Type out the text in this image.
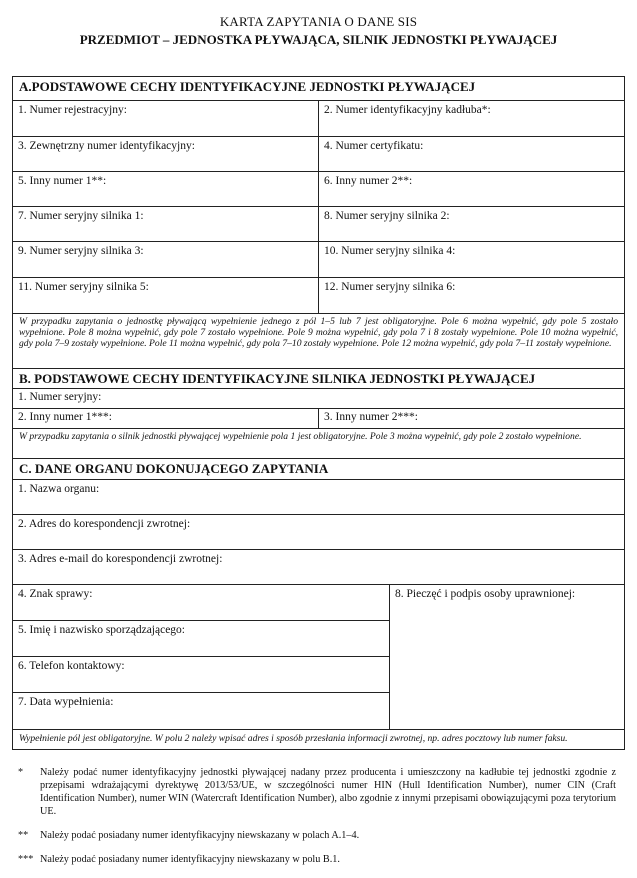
KARTA ZAPYTANIA O DANE SIS
PRZEDMIOT – JEDNOSTKA PŁYWAJĄCA, SILNIK JEDNOSTKI PŁYWAJĄCEJ
A.PODSTAWOWE CECHY IDENTYFIKACYJNE JEDNOSTKI PŁYWAJĄCEJ
1. Numer rejestracyjny:	2. Numer identyfikacyjny kadłuba*:
3. Zewnętrzny numer identyfikacyjny:	4. Numer certyfikatu:
5. Inny numer 1**:	6. Inny numer 2**:
7. Numer seryjny silnika 1:	8. Numer seryjny silnika 2:
9. Numer seryjny silnika 3:	10. Numer seryjny silnika 4:
11. Numer seryjny silnika 5:	12. Numer seryjny silnika 6:
W przypadku zapytania o jednostkę pływającą wypełnienie jednego z pól 1–5 lub 7 jest obligatoryjne. Pole 6 można wypełnić, gdy pole 5 zostało wypełnione. Pole 8 można wypełnić, gdy pole 7 zostało wypełnione. Pole 9 można wypełnić, gdy pola 7 i 8 zostały wypełnione. Pole 10 można wypełnić, gdy pola 7–9 zostały wypełnione. Pole 11 można wypełnić, gdy pola 7–10 zostały wypełnione. Pole 12 można wypełnić, gdy pola 7–11 zostały wypełnione.
B. PODSTAWOWE CECHY IDENTYFIKACYJNE SILNIKA JEDNOSTKI PŁYWAJĄCEJ
1. Numer seryjny:
2. Inny numer 1***:	3. Inny numer 2***:
W przypadku zapytania o silnik jednostki pływającej wypełnienie pola 1 jest obligatoryjne. Pole 3 można wypełnić, gdy pole 2 zostało wypełnione.
C. DANE ORGANU DOKONUJĄCEGO ZAPYTANIA
1. Nazwa organu:
2. Adres do korespondencji zwrotnej:
3. Adres e-mail do korespondencji zwrotnej:
4. Znak sprawy:
5. Imię i nazwisko sporządzającego:
6. Telefon kontaktowy:
7. Data wypełnienia:
8. Pieczęć i podpis osoby uprawnionej:
Wypełnienie pól jest obligatoryjne. W polu 2 należy wpisać adres i sposób przesłania informacji zwrotnej, np. adres pocztowy lub numer faksu.
* Należy podać numer identyfikacyjny jednostki pływającej nadany przez producenta i umieszczony na kadłubie tej jednostki zgodnie z przepisami wdrażającymi dyrektywę 2013/53/UE, w szczególności numer HIN (Hull Identification Number), numer CIN (Craft Identification Number), numer WIN (Watercraft Identification Number), albo zgodnie z innymi przepisami obowiązującymi poza terytorium UE.
** Należy podać posiadany numer identyfikacyjny niewskazany w polach A.1–4.
*** Należy podać posiadany numer identyfikacyjny niewskazany w polu B.1.
